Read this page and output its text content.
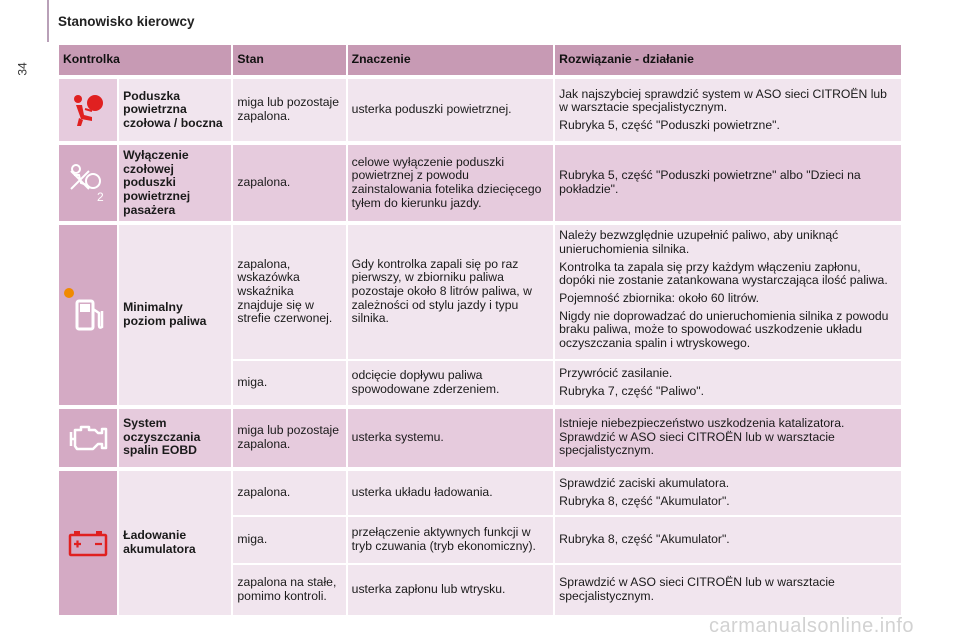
34
Stanowisko kierowcy
Kontrolka		Stan	Znaczenie	Rozwiązanie - działanie

	Poduszka powietrzna czołowa / boczna	miga lub pozostaje zapalona.	usterka poduszki powietrznej.	Jak najszybciej sprawdzić system w ASO sieci CITROËN lub w warsztacie specjalistycznym.

Rubryka 5, część "Poduszki powietrzne".

2	Wyłączenie czołowej poduszki powietrznej pasażera	zapalona.	celowe wyłączenie poduszki powietrznej z powodu zainstalowania fotelika dziecięcego tyłem do kierunku jazdy.	Rubryka 5, część "Poduszki powietrzne" albo "Dzieci na pokładzie".

	Minimalny poziom paliwa	zapalona, wskazówka wskaźnika znajduje się w strefie czerwonej.	Gdy kontrolka zapali się po raz pierwszy, w zbiorniku paliwa pozostaje około 8 litrów paliwa, w zależności od stylu jazdy i typu silnika.	Należy bezwzględnie uzupełnić paliwo, aby uniknąć unieruchomienia silnika.

Kontrolka ta zapala się przy każdym włączeniu zapłonu, dopóki nie zostanie zatankowana wystarczająca ilość paliwa.

Pojemność zbiornika: około 60 litrów.

Nigdy nie doprowadzać do unieruchomienia silnika z powodu braku paliwa, może to spowodować uszkodzenie układu oczyszczania spalin i wtryskowego.

		miga.	odcięcie dopływu paliwa spowodowane zderzeniem.	Przywrócić zasilanie.

Rubryka 7, część "Paliwo".

	System oczyszczania spalin EOBD	miga lub pozostaje zapalona.	usterka systemu.	Istnieje niebezpieczeństwo uszkodzenia katalizatora. Sprawdzić w ASO sieci CITROËN lub w warsztacie specjalistycznym.

	Ładowanie akumulatora	zapalona.	usterka układu ładowania.	Sprawdzić zaciski akumulatora.

Rubryka 8, część "Akumulator".

		miga.	przełączenie aktywnych funkcji w tryb czuwania (tryb ekonomiczny).	Rubryka 8, część "Akumulator".

		zapalona na stałe, pomimo kontroli.	usterka zapłonu lub wtrysku.	Sprawdzić w ASO sieci CITROËN lub w warsztacie specjalistycznym.

carmanualsonline.info
